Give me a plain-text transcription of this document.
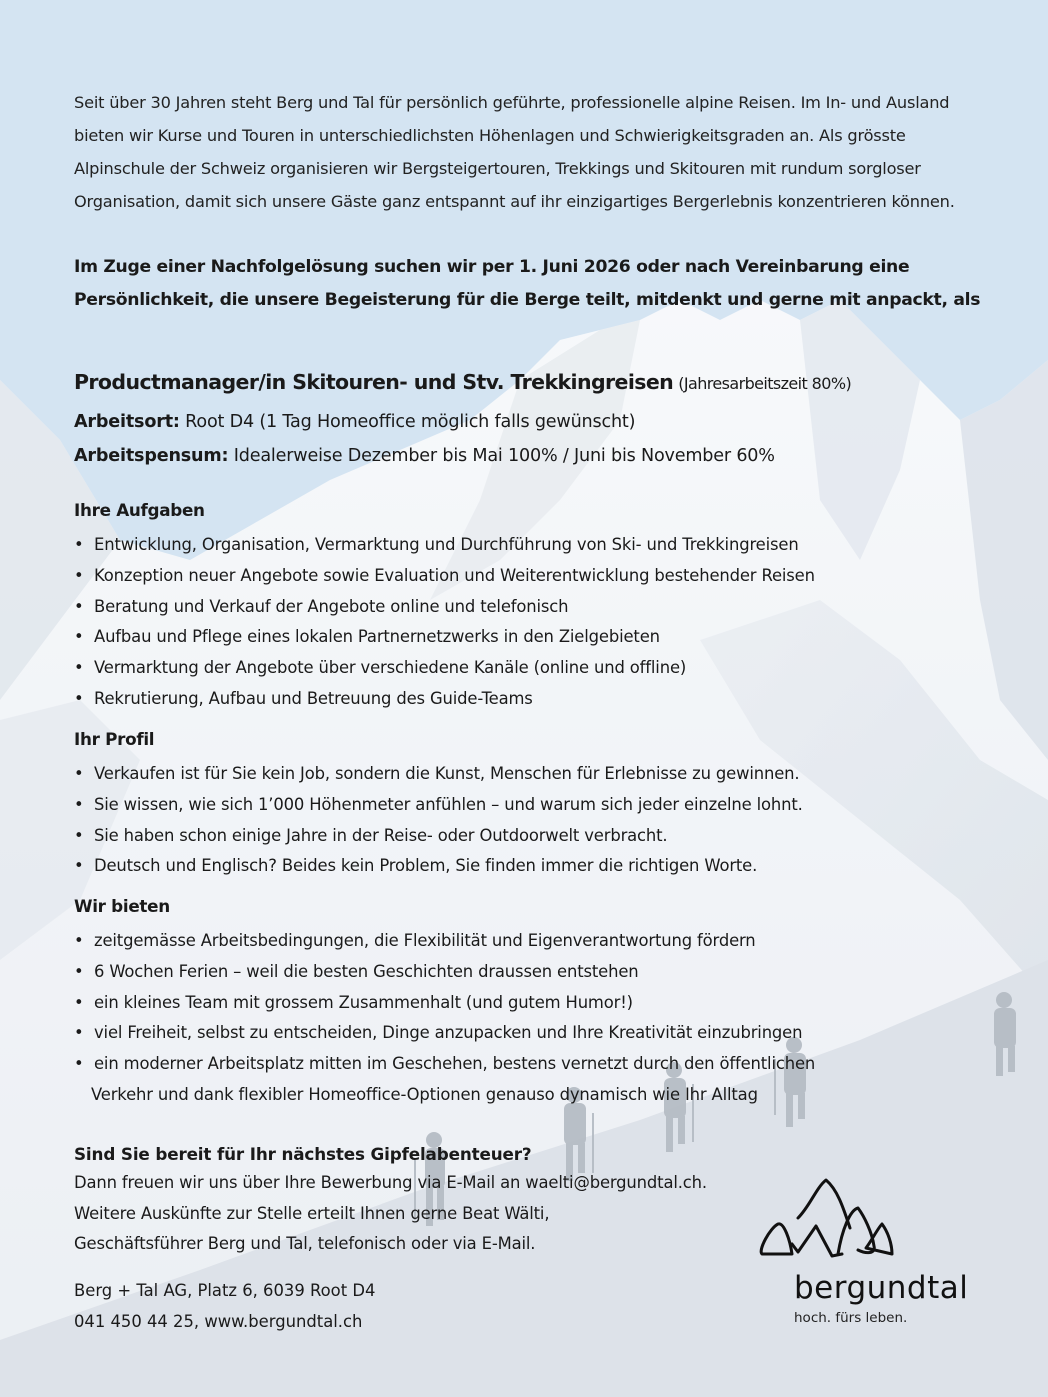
Seit über 30 Jahren steht Berg und Tal für persönlich geführte, professionelle alpine Reisen. Im In- und Ausland bieten wir Kurse und Touren in unterschiedlichsten Höhenlagen und Schwierigkeitsgraden an. Als grösste Alpinschule der Schweiz organisieren wir Bergsteigertouren, Trekkings und Skitouren mit rundum sorgloser Organisation, damit sich unsere Gäste ganz entspannt auf ihr einzigartiges Bergerlebnis konzentrieren können.

Im Zuge einer Nachfolgelösung suchen wir per 1. Juni 2026 oder nach Vereinbarung eine Persönlichkeit, die unsere Begeisterung für die Berge teilt, mitdenkt und gerne mit anpackt, als

Productmanager/in Skitouren- und Stv. Trekkingreisen (Jahresarbeitszeit 80%)
Arbeitsort: Root D4 (1 Tag Homeoffice möglich falls gewünscht)
Arbeitspensum: Idealerweise Dezember bis Mai 100% / Juni bis November 60%
Ihre Aufgaben
• Entwicklung, Organisation, Vermarktung und Durchführung von Ski- und Trekkingreisen
• Konzeption neuer Angebote sowie Evaluation und Weiterentwicklung bestehender Reisen
• Beratung und Verkauf der Angebote online und telefonisch
• Aufbau und Pflege eines lokalen Partnernetzwerks in den Zielgebieten
• Vermarktung der Angebote über verschiedene Kanäle (online und offline)
• Rekrutierung, Aufbau und Betreuung des Guide-Teams
Ihr Profil
• Verkaufen ist für Sie kein Job, sondern die Kunst, Menschen für Erlebnisse zu gewinnen.
• Sie wissen, wie sich 1’000 Höhenmeter anfühlen – und warum sich jeder einzelne lohnt.
• Sie haben schon einige Jahre in der Reise- oder Outdoorwelt verbracht.
• Deutsch und Englisch? Beides kein Problem, Sie finden immer die richtigen Worte.
Wir bieten
• zeitgemässe Arbeitsbedingungen, die Flexibilität und Eigenverantwortung fördern
• 6 Wochen Ferien – weil die besten Geschichten draussen entstehen
• ein kleines Team mit grossem Zusammenhalt (und gutem Humor!)
• viel Freiheit, selbst zu entscheiden, Dinge anzupacken und Ihre Kreativität einzubringen
• ein moderner Arbeitsplatz mitten im Geschehen, bestens vernetzt durch den öffentlichen
Verkehr und dank flexibler Homeoffice-Optionen genauso dynamisch wie Ihr Alltag
Sind Sie bereit für Ihr nächstes Gipfelabenteuer?
Dann freuen wir uns über Ihre Bewerbung via E-Mail an waelti@bergundtal.ch.
Weitere Auskünfte zur Stelle erteilt Ihnen gerne Beat Wälti,
Geschäftsführer Berg und Tal, telefonisch oder via E-Mail.
Berg + Tal AG, Platz 6, 6039 Root D4
041 450 44 25, www.bergundtal.ch
bergundtal
hoch. fürs leben.
